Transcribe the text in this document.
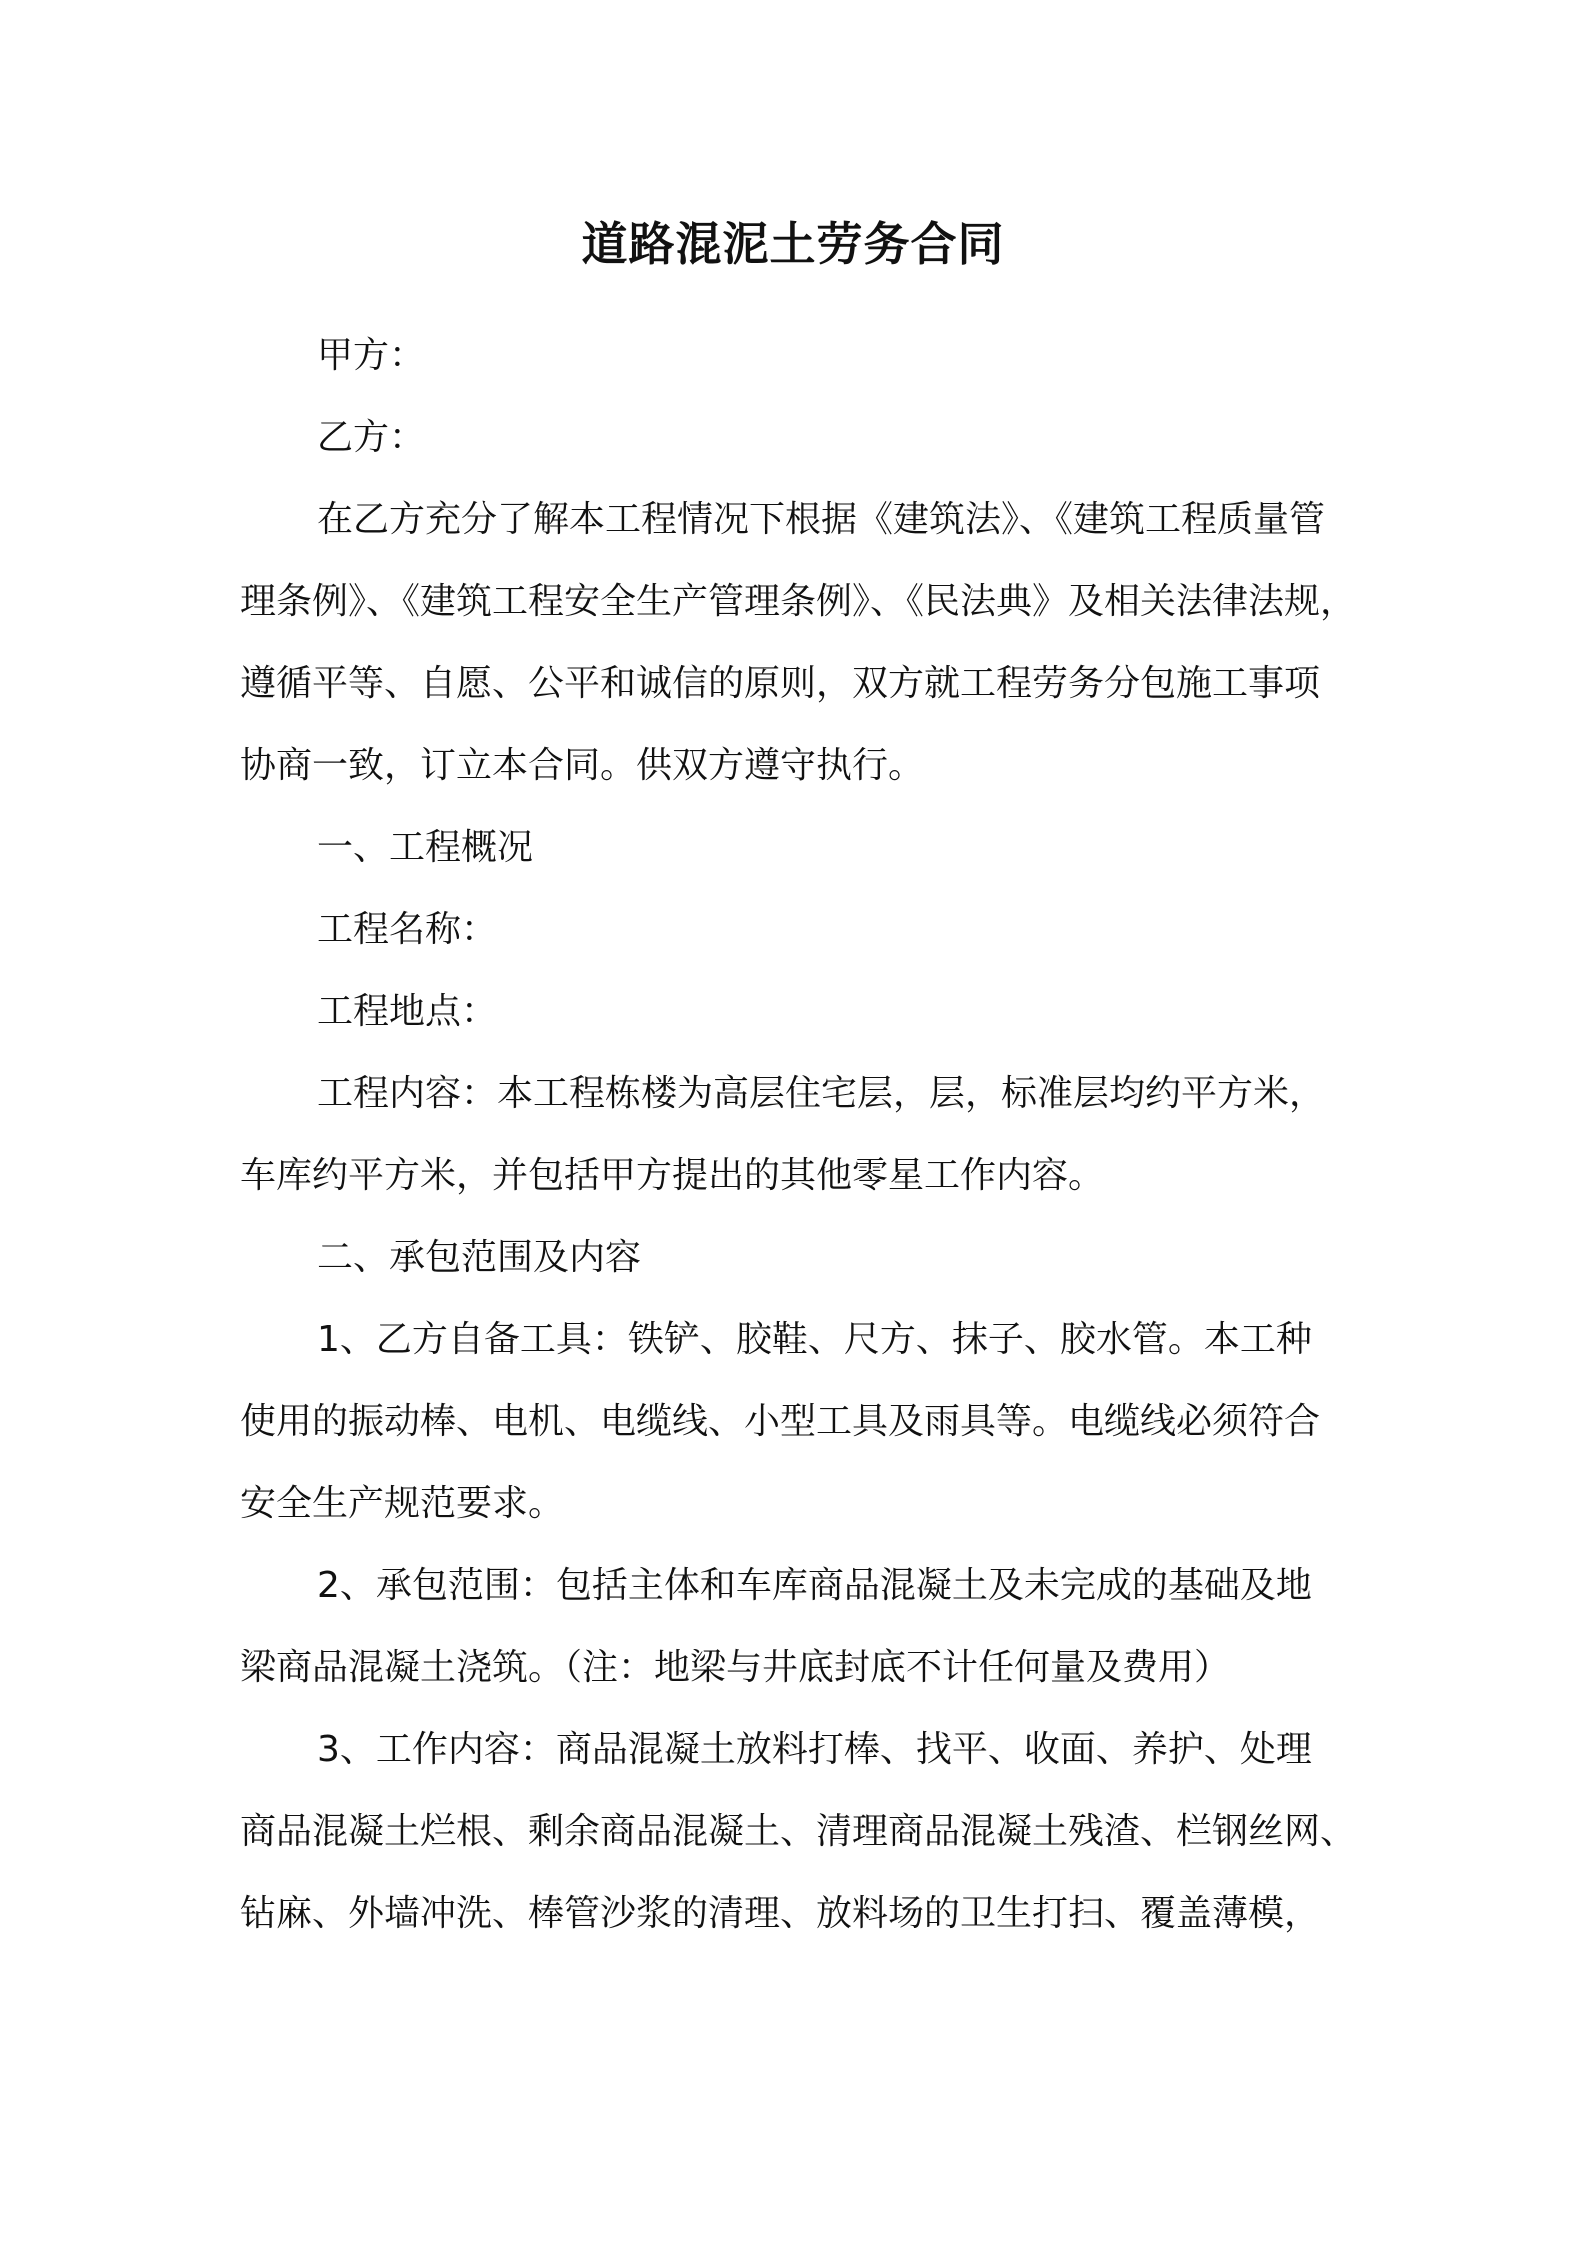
道路混泥土劳务合同

甲方：

乙方：

在乙方充分了解本工程情况下根据《建筑法》、《建筑工程质量管

理条例》、《建筑工程安全生产管理条例》、《民法典》及相关法律法规，

遵循平等、自愿、公平和诚信的原则，双方就工程劳务分包施工事项

协商一致，订立本合同。供双方遵守执行。

一、工程概况

工程名称：

工程地点：

工程内容：本工程栋楼为高层住宅层，层，标准层均约平方米，

车库约平方米，并包括甲方提出的其他零星工作内容。

二、承包范围及内容

1、乙方自备工具：铁铲、胶鞋、尺方、抹子、胶水管。本工种

使用的振动棒、电机、电缆线、小型工具及雨具等。电缆线必须符合

安全生产规范要求。

2、承包范围：包括主体和车库商品混凝土及未完成的基础及地

梁商品混凝土浇筑。（注：地梁与井底封底不计任何量及费用）

3、工作内容：商品混凝土放料打棒、找平、收面、养护、处理

商品混凝土烂根、剩余商品混凝土、清理商品混凝土残渣、栏钢丝网、

钻麻、外墙冲洗、棒管沙浆的清理、放料场的卫生打扫、覆盖薄模，
